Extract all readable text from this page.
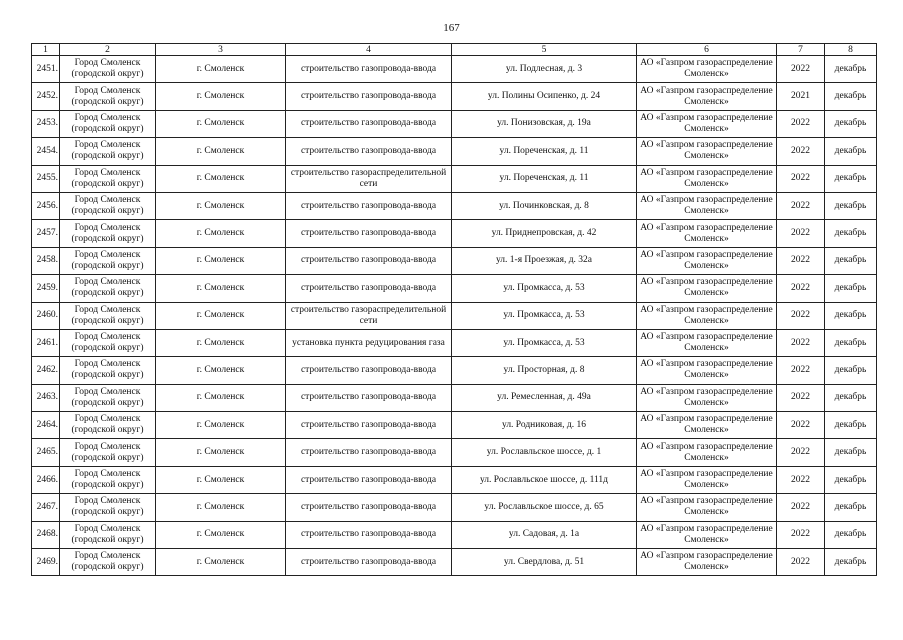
167
1	2	3	4	5	6	7	8
2451.	Город Смоленск (городской округ)	г. Смоленск	строительство газопровода-ввода	ул. Подлесная, д. 3	АО «Газпром газораспределение Смоленск»	2022	декабрь
2452.	Город Смоленск (городской округ)	г. Смоленск	строительство газопровода-ввода	ул. Полины Осипенко, д. 24	АО «Газпром газораспределение Смоленск»	2021	декабрь
2453.	Город Смоленск (городской округ)	г. Смоленск	строительство газопровода-ввода	ул. Понизовская, д. 19а	АО «Газпром газораспределение Смоленск»	2022	декабрь
2454.	Город Смоленск (городской округ)	г. Смоленск	строительство газопровода-ввода	ул. Пореченская, д. 11	АО «Газпром газораспределение Смоленск»	2022	декабрь
2455.	Город Смоленск (городской округ)	г. Смоленск	строительство газораспределительной сети	ул. Пореченская, д. 11	АО «Газпром газораспределение Смоленск»	2022	декабрь
2456.	Город Смоленск (городской округ)	г. Смоленск	строительство газопровода-ввода	ул. Починковская, д. 8	АО «Газпром газораспределение Смоленск»	2022	декабрь
2457.	Город Смоленск (городской округ)	г. Смоленск	строительство газопровода-ввода	ул. Приднепровская, д. 42	АО «Газпром газораспределение Смоленск»	2022	декабрь
2458.	Город Смоленск (городской округ)	г. Смоленск	строительство газопровода-ввода	ул. 1-я Проезжая, д. 32а	АО «Газпром газораспределение Смоленск»	2022	декабрь
2459.	Город Смоленск (городской округ)	г. Смоленск	строительство газопровода-ввода	ул. Промкасса, д. 53	АО «Газпром газораспределение Смоленск»	2022	декабрь
2460.	Город Смоленск (городской округ)	г. Смоленск	строительство газораспределительной сети	ул. Промкасса, д. 53	АО «Газпром газораспределение Смоленск»	2022	декабрь
2461.	Город Смоленск (городской округ)	г. Смоленск	установка пункта редуцирования газа	ул. Промкасса, д. 53	АО «Газпром газораспределение Смоленск»	2022	декабрь
2462.	Город Смоленск (городской округ)	г. Смоленск	строительство газопровода-ввода	ул. Просторная, д. 8	АО «Газпром газораспределение Смоленск»	2022	декабрь
2463.	Город Смоленск (городской округ)	г. Смоленск	строительство газопровода-ввода	ул. Ремесленная, д. 49а	АО «Газпром газораспределение Смоленск»	2022	декабрь
2464.	Город Смоленск (городской округ)	г. Смоленск	строительство газопровода-ввода	ул. Родниковая, д. 16	АО «Газпром газораспределение Смоленск»	2022	декабрь
2465.	Город Смоленск (городской округ)	г. Смоленск	строительство газопровода-ввода	ул. Рославльское шоссе, д. 1	АО «Газпром газораспределение Смоленск»	2022	декабрь
2466.	Город Смоленск (городской округ)	г. Смоленск	строительство газопровода-ввода	ул. Рославльское шоссе, д. 111д	АО «Газпром газораспределение Смоленск»	2022	декабрь
2467.	Город Смоленск (городской округ)	г. Смоленск	строительство газопровода-ввода	ул. Рославльское шоссе, д. 65	АО «Газпром газораспределение Смоленск»	2022	декабрь
2468.	Город Смоленск (городской округ)	г. Смоленск	строительство газопровода-ввода	ул. Садовая, д. 1а	АО «Газпром газораспределение Смоленск»	2022	декабрь
2469.	Город Смоленск (городской округ)	г. Смоленск	строительство газопровода-ввода	ул. Свердлова, д. 51	АО «Газпром газораспределение Смоленск»	2022	декабрь
